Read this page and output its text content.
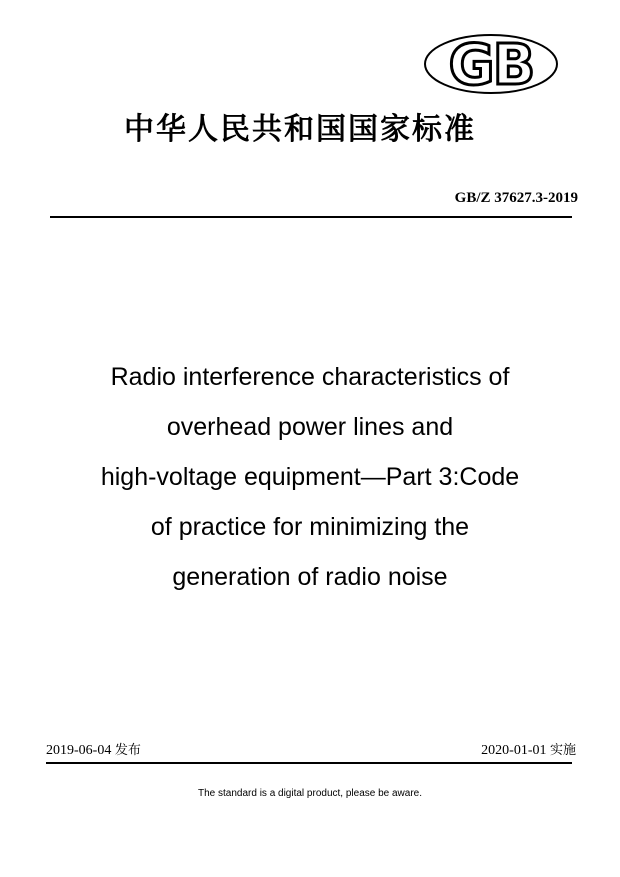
GB
中华人民共和国国家标准
GB/Z 37627.3-2019
Radio interference characteristics of
overhead power lines and
high-voltage equipment—Part 3:Code
of practice for minimizing the
generation of radio noise
2019-06-04 发布	2020-01-01 实施
The standard is a digital product, please be aware.
